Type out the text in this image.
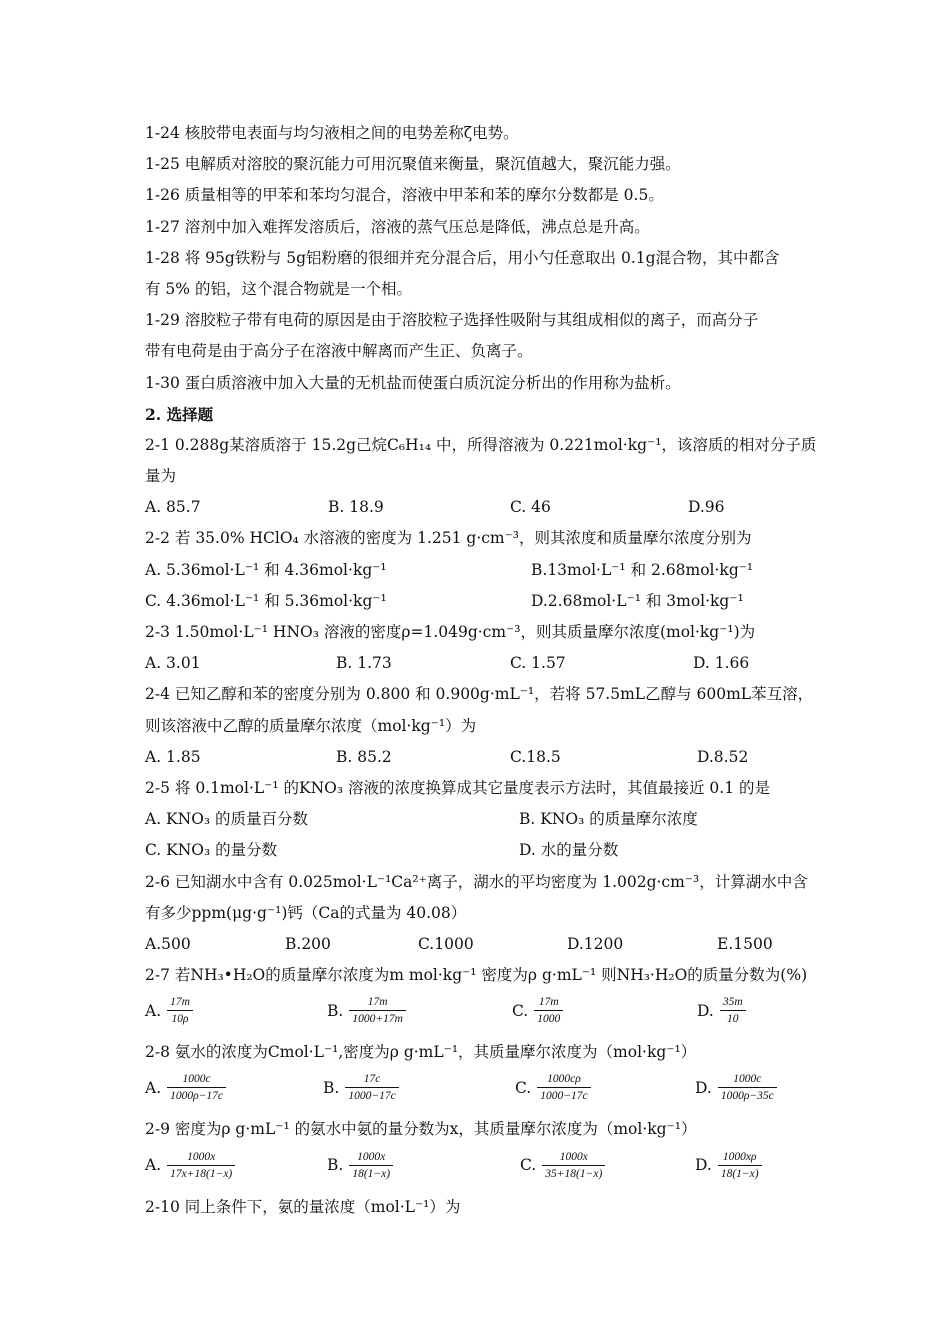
1-24 核胶带电表面与均匀液相之间的电势差称ζ电势。
1-25 电解质对溶胶的聚沉能力可用沉聚值来衡量，聚沉值越大，聚沉能力强。
1-26 质量相等的甲苯和苯均匀混合，溶液中甲苯和苯的摩尔分数都是 0.5。
1-27 溶剂中加入难挥发溶质后，溶液的蒸气压总是降低，沸点总是升高。
1-28 将 95g铁粉与 5g铝粉磨的很细并充分混合后，用小勺任意取出 0.1g混合物，其中都含
有 5% 的铝，这个混合物就是一个相。
1-29 溶胶粒子带有电荷的原因是由于溶胶粒子选择性吸附与其组成相似的离子，而高分子
带有电荷是由于高分子在溶液中解离而产生正、负离子。
1-30 蛋白质溶液中加入大量的无机盐而使蛋白质沉淀分析出的作用称为盐析。
2. 选择题
2-1 0.288g某溶质溶于 15.2g己烷C₆H₁₄ 中，所得溶液为 0.221mol·kg⁻¹，该溶质的相对分子质
量为
A. 85.7	B. 18.9	C. 46	D.96
2-2 若 35.0% HClO₄ 水溶液的密度为 1.251 g·cm⁻³，则其浓度和质量摩尔浓度分别为
A. 5.36mol·L⁻¹ 和 4.36mol·kg⁻¹	B.13mol·L⁻¹ 和 2.68mol·kg⁻¹
C. 4.36mol·L⁻¹ 和 5.36mol·kg⁻¹	D.2.68mol·L⁻¹ 和 3mol·kg⁻¹
2-3 1.50mol·L⁻¹ HNO₃ 溶液的密度ρ=1.049g·cm⁻³，则其质量摩尔浓度(mol·kg⁻¹)为
A. 3.01	B. 1.73	C. 1.57	D. 1.66
2-4 已知乙醇和苯的密度分别为 0.800 和 0.900g·mL⁻¹，若将 57.5mL乙醇与 600mL苯互溶，
则该溶液中乙醇的质量摩尔浓度（mol·kg⁻¹）为
A. 1.85	B. 85.2	C.18.5	D.8.52
2-5 将 0.1mol·L⁻¹ 的KNO₃ 溶液的浓度换算成其它量度表示方法时，其值最接近 0.1 的是
A. KNO₃ 的质量百分数	B. KNO₃ 的质量摩尔浓度
C. KNO₃ 的量分数	D. 水的量分数
2-6 已知湖水中含有 0.025mol·L⁻¹Ca²⁺离子，湖水的平均密度为 1.002g·cm⁻³，计算湖水中含
有多少ppm(μg·g⁻¹)钙（Ca的式量为 40.08）
A.500	B.200	C.1000	D.1200	E.1500
2-7 若NH₃•H₂O的质量摩尔浓度为m mol·kg⁻¹ 密度为ρ g·mL⁻¹ 则NH₃·H₂O的质量分数为(%)
A. $\frac{17m}{10\rho}$	B. $\frac{17m}{1000+17m}$	C. $\frac{17m}{1000}$	D. $\frac{35m}{10}$
2-8 氨水的浓度为Cmol·L⁻¹,密度为ρ g·mL⁻¹，其质量摩尔浓度为（mol·kg⁻¹）
A. $\frac{1000c}{1000\rho-17c}$	B. $\frac{17c}{1000-17c}$	C. $\frac{1000c\rho}{1000-17c}$	D. $\frac{1000c}{1000\rho-35c}$
2-9 密度为ρ g·mL⁻¹ 的氨水中氨的量分数为x，其质量摩尔浓度为（mol·kg⁻¹）
A. $\frac{1000x}{17x+18(1-x)}$	B. $\frac{1000x}{18(1-x)}$	C. $\frac{1000x}{35+18(1-x)}$	D. $\frac{1000x\rho}{18(1-x)}$
2-10 同上条件下，氨的量浓度（mol·L⁻¹）为
